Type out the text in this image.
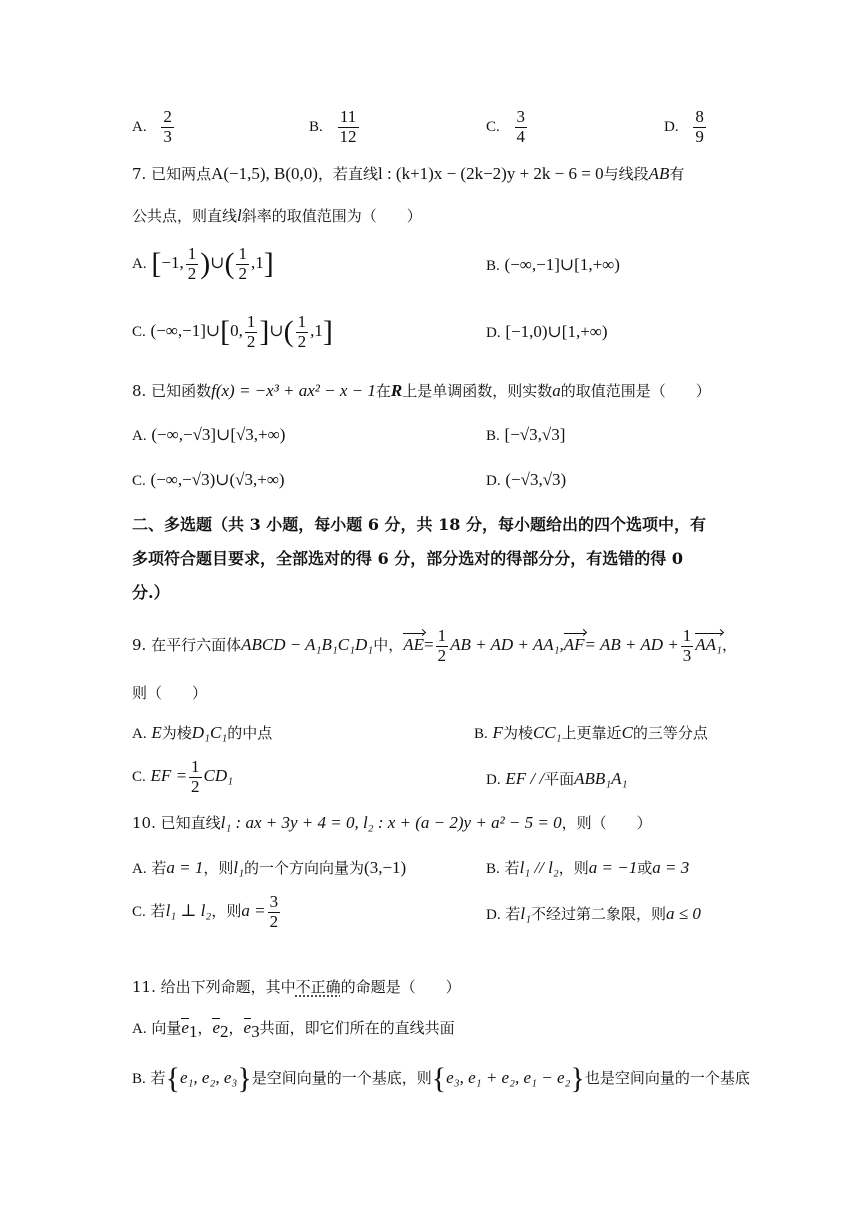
A. $\frac{2}{3}$	B. $\frac{11}{12}$	C. $\frac{3}{4}$	D. $\frac{8}{9}$
7. 已知两点A(−1,5), B(0,0)，若直线l : (k+1)x − (2k−2)y + 2k − 6 = 0与线段AB有
公共点，则直线l斜率的取值范围为（　　）
A. [−1, $\frac{1}{2}$ )∪( $\frac{1}{2} ,1$]	B. (−∞,−1]∪[1,+∞)
C. (−∞,−1]∪[0, $\frac{1}{2}$ ]∪( $\frac{1}{2} ,1$]	D. [−1,0)∪[1,+∞)
8. 已知函数f(x) = −x³ + ax² − x − 1在R上是单调函数，则实数a的取值范围是（　　）
A. (−∞,−√3]∪[√3,+∞)	B. [−√3,√3]
C. (−∞,−√3)∪(√3,+∞)	D. (−√3,√3)
二、多选题（共 3 小题，每小题 6 分，共 18 分，每小题给出的四个选项中，有
多项符合题目要求，全部选对的得 6 分，部分选对的得部分分，有选错的得 0
分.）
9. 在平行六面体ABCD − A₁B₁C₁D₁中，$AE= \frac{1}{2}$ AB + AD + AA₁,AF= AB + AD + $\frac{1}{3} AA_1$，
则（　　）
A. E为棱D₁C₁的中点	B. F为棱CC₁上更靠近C的三等分点
C. EF = $\frac{1}{2} CD_1$	D. EF / /平面ABB₁A₁
10. 已知直线l₁ : ax + 3y + 4 = 0, l₂ : x + (a − 2)y + a² − 5 = 0，则（　　）
A. 若a = 1，则l₁的一个方向向量为(3,−1)	B. 若l₁ // l₂，则a = −1或a = 3
C. 若l₁ ⊥ l₂，则$a = \frac{3}{2}$	D. 若l₁不经过第二象限，则a ≤ 0
11. 给出下列命题，其中不正确的命题是（　　）
A. 向量$e_1$，$e_2$，$e_3$共面，即它们所在的直线共面
B. 若{e₁, e₂, e₃}是空间向量的一个基底，则{e₃, e₁ + e₂, e₁ − e₂}也是空间向量的一个基底
